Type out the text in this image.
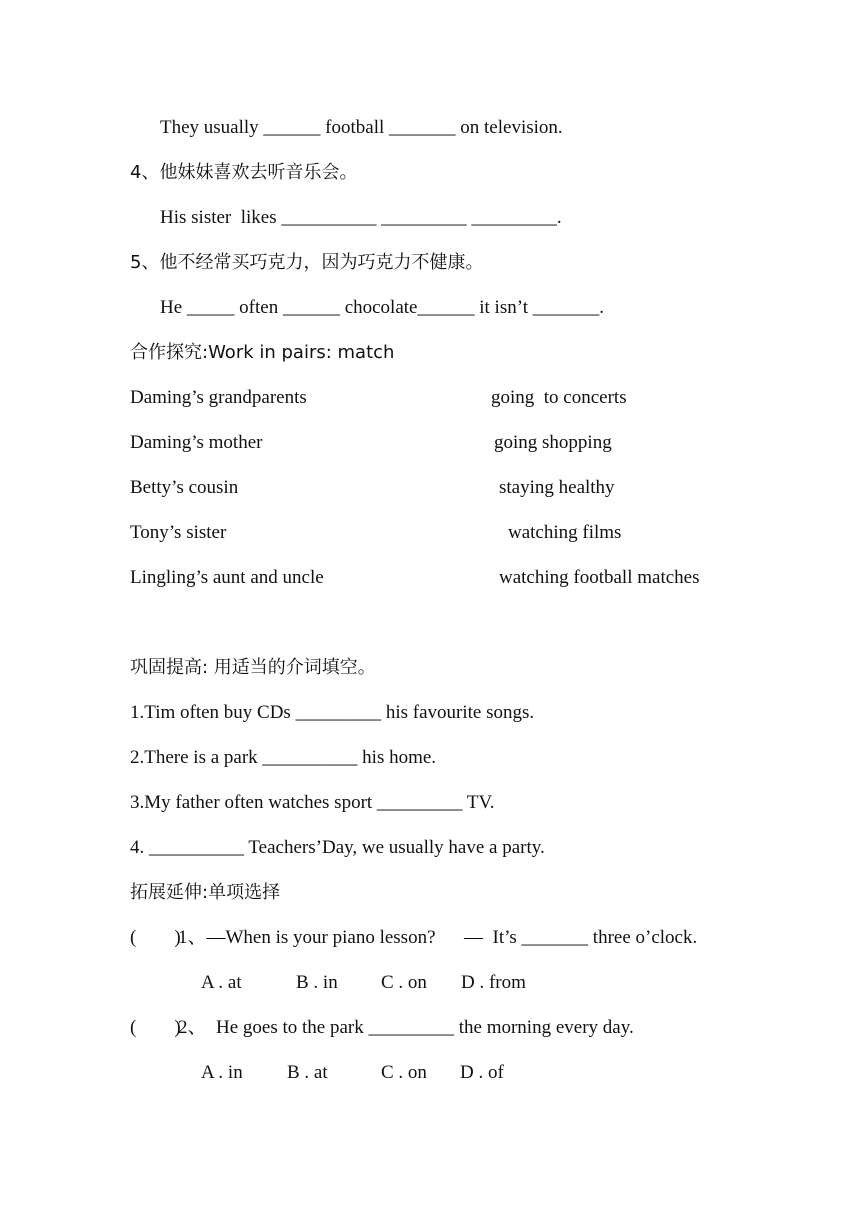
They usually ______ football _______ on television.
4、他妹妹喜欢去听音乐会。
His sister  likes __________ _________ _________.
5、他不经常买巧克力，因为巧克力不健康。
He _____ often ______ chocolate______ it isn’t _______.
合作探究:Work in pairs: match
Daming’s grandparents	going  to concerts
Daming’s mother	going shopping
Betty’s cousin	staying healthy
Tony’s sister	watching films
Lingling’s aunt and uncle	watching football matches
巩固提高: 用适当的介词填空。
1.Tim often buy CDs _________ his favourite songs.
2.There is a park __________ his home.
3.My father often watches sport _________ TV.
4. __________ Teachers’Day, we usually have a party.
拓展延伸:单项选择
(        )
1、—When is your piano lesson?      —  It’s _______ three o’clock.
A . at	B . in C . on D . from
(        )
2、  He goes to the park _________ the morning every day.
A . in B . at	C . on D . of
